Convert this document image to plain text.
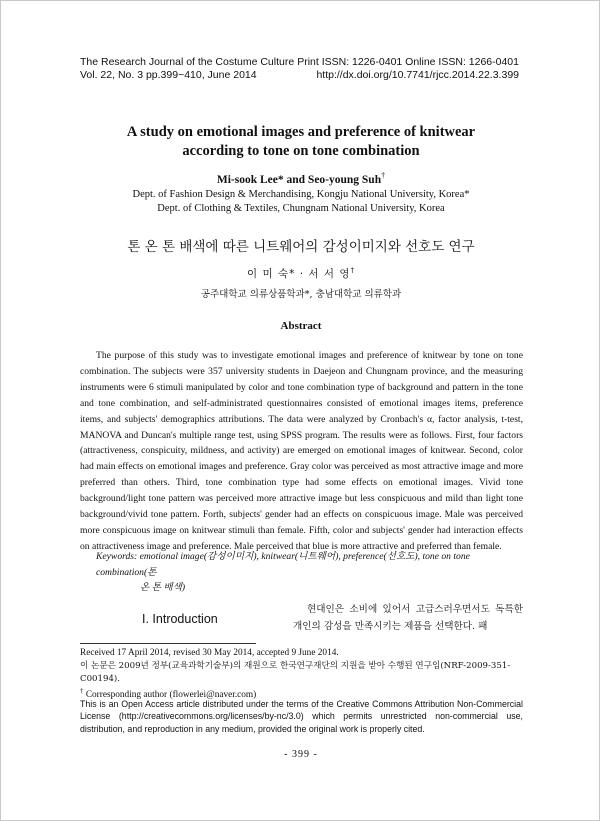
The Research Journal of the Costume Culture
Vol. 22, No. 3 pp.399~410, June 2014
Print ISSN: 1226-0401 Online ISSN: 1266-0401
http://dx.doi.org/10.7741/rjcc.2014.22.3.399
A study on emotional images and preference of knitwear
according to tone on tone combination
Mi-sook Lee* and Seo-young Suh†
Dept. of Fashion Design & Merchandising, Kongju National University, Korea*
Dept. of Clothing & Textiles, Chungnam National University, Korea
톤 온 톤 배색에 따른 니트웨어의 감성이미지와 선호도 연구
이 미 숙* · 서 서 영†
공주대학교 의류상품학과*, 충남대학교 의류학과
Abstract

The purpose of this study was to investigate emotional images and preference of knitwear by tone on tone combination. The subjects were 357 university students in Daejeon and Chungnam province, and the measuring instruments were 6 stimuli manipulated by color and tone combination type of background and pattern in the tone and tone combination, and self-administrated questionnaires consisted of emotional images items, preference items, and subjects' demographics attributions. The data were analyzed by Cronbach's α, factor analysis, t-test, MANOVA and Duncan's multiple range test, using SPSS program. The results were as follows. First, four factors (attractiveness, conspicuity, mildness, and activity) are emerged on emotional images of knitwear. Second, color had main effects on emotional images and preference. Gray color was perceived as most attractive image and more preferred than others. Third, tone combination type had some effects on emotional images. Vivid tone background/light tone pattern was perceived more attractive image but less conspicuous and mild than light tone background/vivid tone pattern. Forth, subjects' gender had an effects on conspicuous image. Male was perceived more conspicuous image on knitwear stimuli than female. Fifth, color and subjects' gender had interaction effects on attractiveness image and preference. Male perceived that blue is more attractive and preferred than female.

Keywords: emotional image(감성이미지), knitwear(니트웨어), preference(선호도), tone on tone combination(톤
온 톤 배색)
I. Introduction

현대인은 소비에 있어서 고급스러우면서도 독특한 개인의 감성을 만족시키는 제품을 선택한다. 패

Received 17 April 2014, revised 30 May 2014, accepted 9 June 2014.

이 논문은 2009년 정부(교육과학기술부)의 재원으로 한국연구재단의 지원을 받아 수행된 연구임(NRF-2009-351-C00194).

† Corresponding author (flowerlei@naver.com)

This is an Open Access article distributed under the terms of the Creative Commons Attribution Non-Commercial License (http://creativecommons.org/licenses/by-nc/3.0) which permits unrestricted non-commercial use, distribution, and reproduction in any medium, provided the original work is properly cited.

- 399 -
